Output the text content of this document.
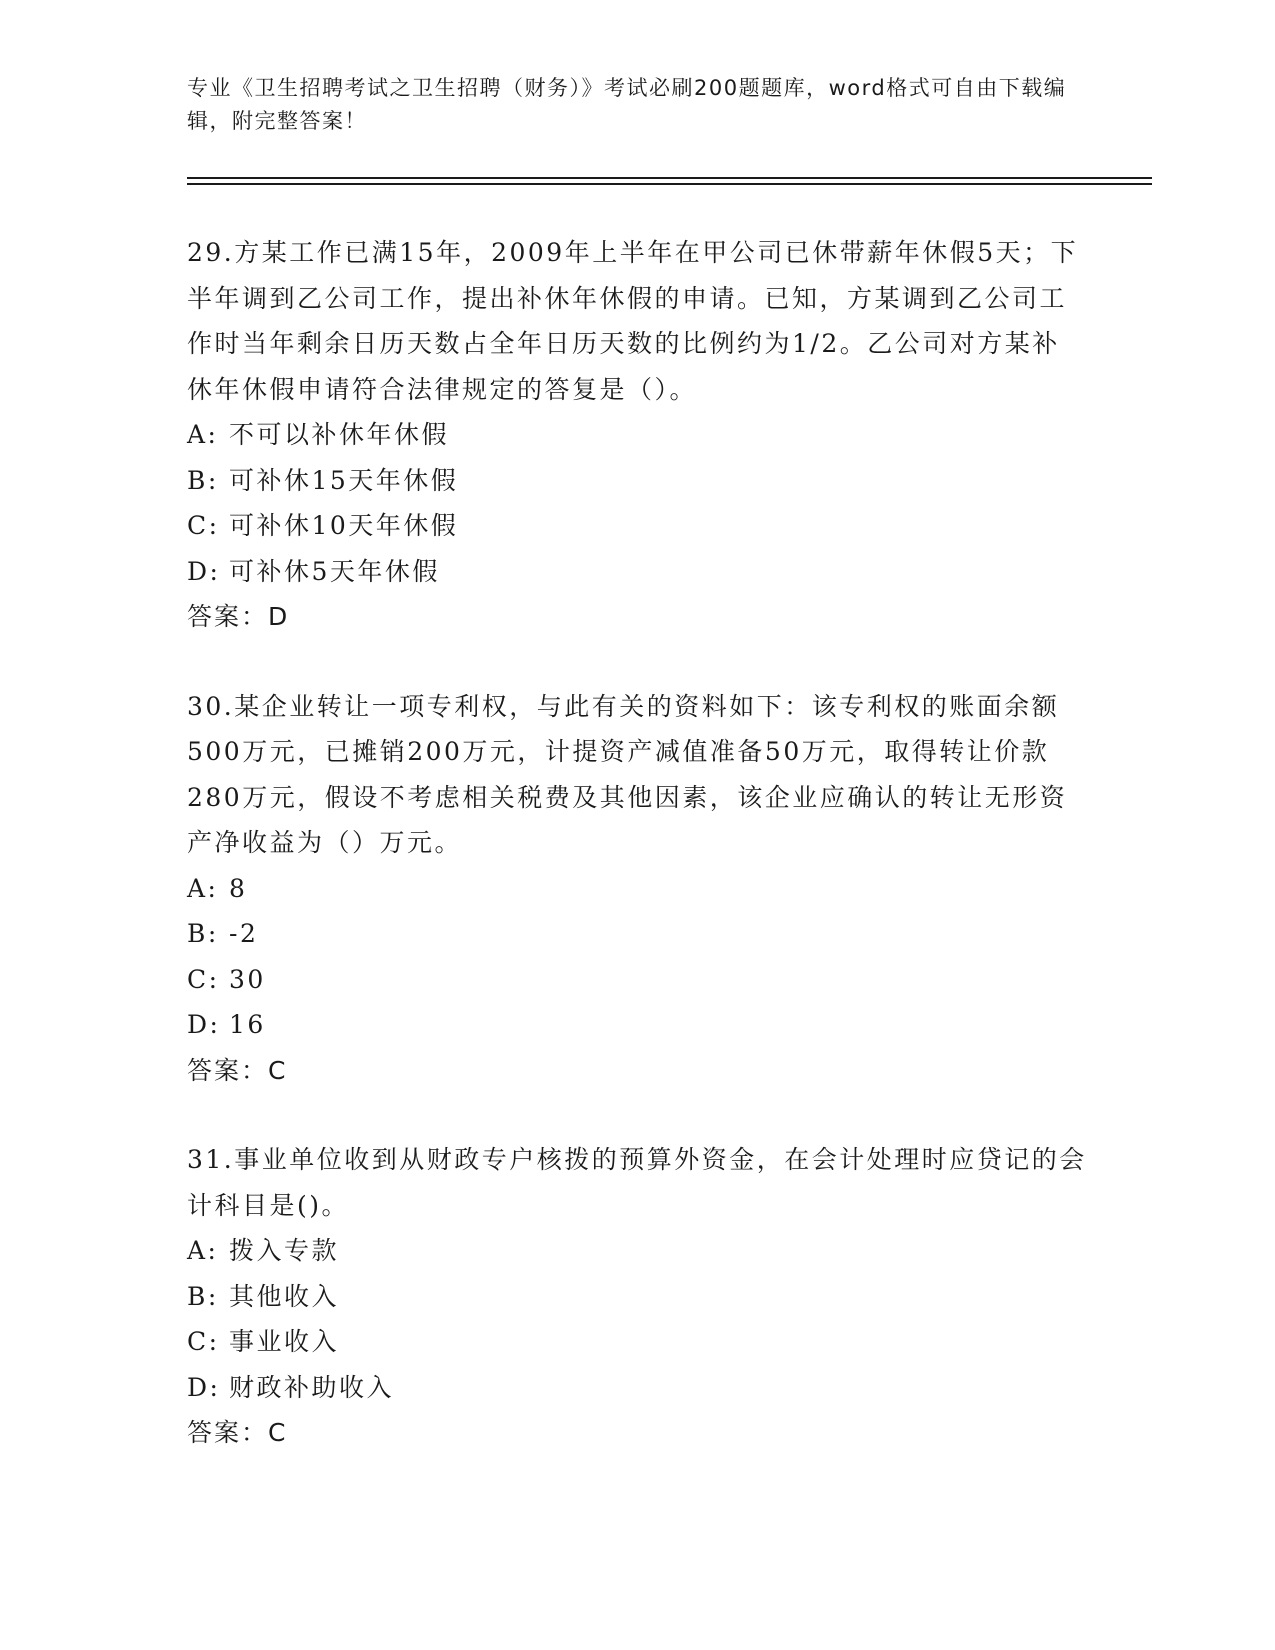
专业《卫生招聘考试之卫生招聘（财务）》考试必刷200题题库，word格式可自由下载编辑，附完整答案！

29.方某工作已满15年，2009年上半年在甲公司已休带薪年休假5天；下半年调到乙公司工作，提出补休年休假的申请。已知，方某调到乙公司工作时当年剩余日历天数占全年日历天数的比例约为1/2。乙公司对方某补休年休假申请符合法律规定的答复是（）。

A: 不可以补休年休假
B: 可补休15天年休假
C: 可补休10天年休假
D: 可补休5天年休假

答案：D

30.某企业转让一项专利权，与此有关的资料如下：该专利权的账面余额500万元，已摊销200万元，计提资产减值准备50万元，取得转让价款280万元，假设不考虑相关税费及其他因素，该企业应确认的转让无形资产净收益为（）万元。

A: 8
B: -2
C: 30
D: 16

答案：C

31.事业单位收到从财政专户核拨的预算外资金，在会计处理时应贷记的会计科目是()。

A: 拨入专款
B: 其他收入
C: 事业收入
D: 财政补助收入

答案：C
